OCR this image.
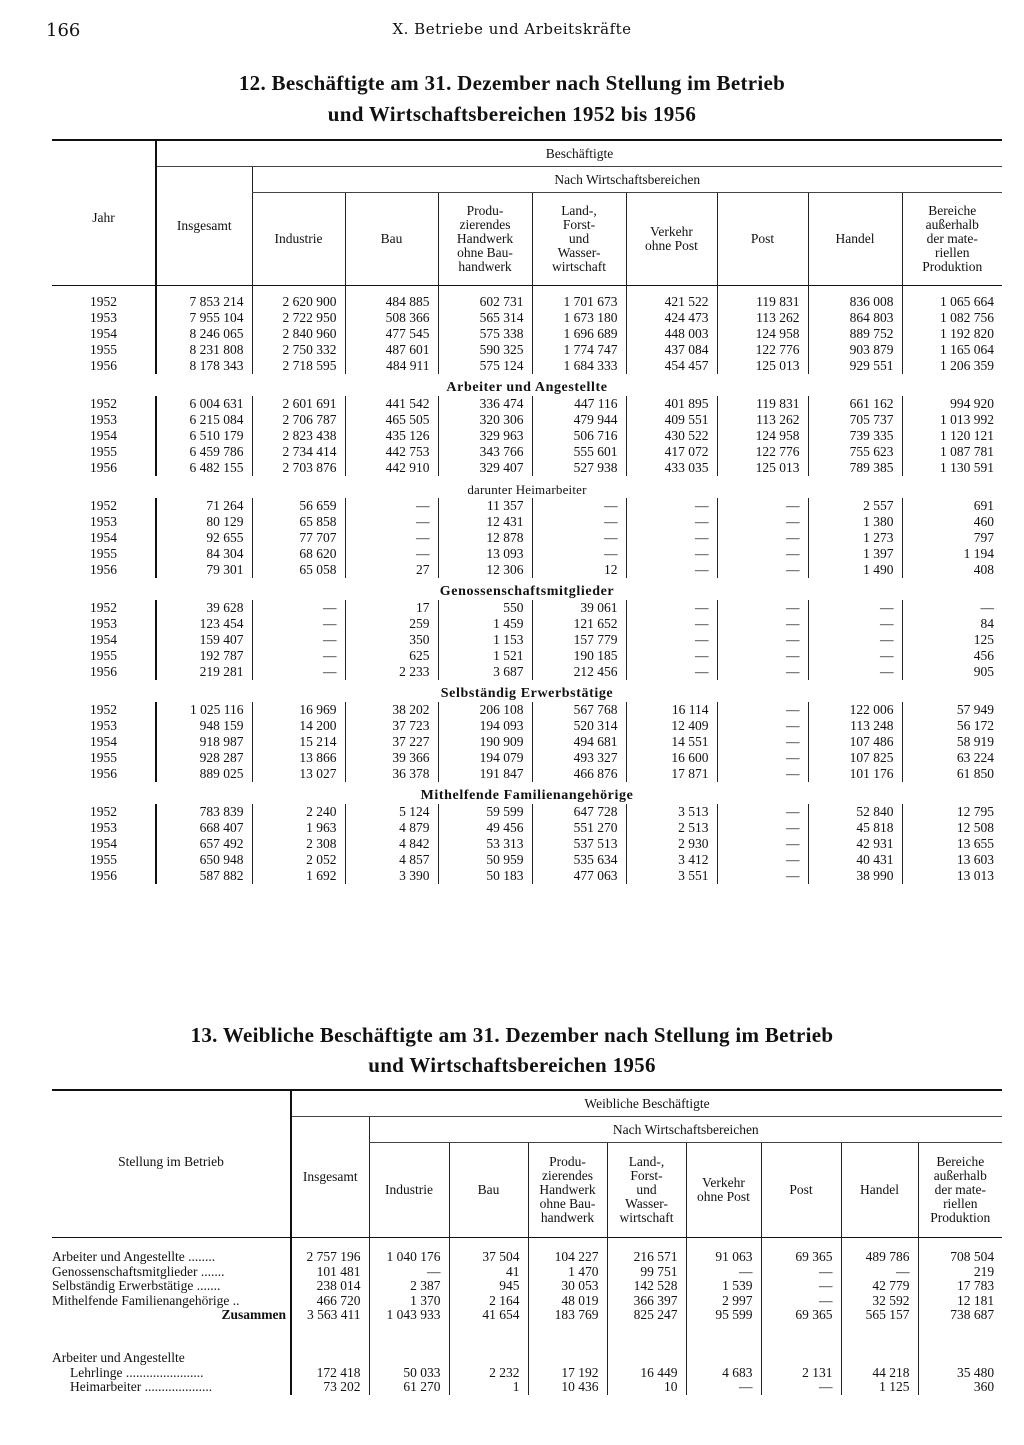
166	X. Betriebe und Arbeitskräfte
12. Beschäftigte am 31. Dezember nach Stellung im Betrieb
und Wirtschaftsbereichen 1952 bis 1956
Jahr	Beschäftigte								
	Insgesamt	Nach Wirtschaftsbereichen							
		Industrie	Bau	Produ-
zierendes
Handwerk
ohne Bau-
handwerk	Land-,
Forst-
und
Wasser-
wirtschaft	Verkehr
ohne Post	Post	Handel	Bereiche
außerhalb
der mate-
riellen
Produktion

1952	7 853 214	2 620 900	484 885	602 731	1 701 673	421 522	119 831	836 008	1 065 664
1953	7 955 104	2 722 950	508 366	565 314	1 673 180	424 473	113 262	864 803	1 082 756
1954	8 246 065	2 840 960	477 545	575 338	1 696 689	448 003	124 958	889 752	1 192 820
1955	8 231 808	2 750 332	487 601	590 325	1 774 747	437 084	122 776	903 879	1 165 064
1956	8 178 343	2 718 595	484 911	575 124	1 684 333	454 457	125 013	929 551	1 206 359
Arbeiter und Angestellte									
1952	6 004 631	2 601 691	441 542	336 474	447 116	401 895	119 831	661 162	994 920
1953	6 215 084	2 706 787	465 505	320 306	479 944	409 551	113 262	705 737	1 013 992
1954	6 510 179	2 823 438	435 126	329 963	506 716	430 522	124 958	739 335	1 120 121
1955	6 459 786	2 734 414	442 753	343 766	555 601	417 072	122 776	755 623	1 087 781
1956	6 482 155	2 703 876	442 910	329 407	527 938	433 035	125 013	789 385	1 130 591
darunter Heimarbeiter									
1952	71 264	56 659	—	11 357	—	—	—	2 557	691
1953	80 129	65 858	—	12 431	—	—	—	1 380	460
1954	92 655	77 707	—	12 878	—	—	—	1 273	797
1955	84 304	68 620	—	13 093	—	—	—	1 397	1 194
1956	79 301	65 058	27	12 306	12	—	—	1 490	408
Genossenschaftsmitglieder									
1952	39 628	—	17	550	39 061	—	—	—	—
1953	123 454	—	259	1 459	121 652	—	—	—	84
1954	159 407	—	350	1 153	157 779	—	—	—	125
1955	192 787	—	625	1 521	190 185	—	—	—	456
1956	219 281	—	2 233	3 687	212 456	—	—	—	905
Selbständig Erwerbstätige									
1952	1 025 116	16 969	38 202	206 108	567 768	16 114	—	122 006	57 949
1953	948 159	14 200	37 723	194 093	520 314	12 409	—	113 248	56 172
1954	918 987	15 214	37 227	190 909	494 681	14 551	—	107 486	58 919
1955	928 287	13 866	39 366	194 079	493 327	16 600	—	107 825	63 224
1956	889 025	13 027	36 378	191 847	466 876	17 871	—	101 176	61 850
Mithelfende Familienangehörige									
1952	783 839	2 240	5 124	59 599	647 728	3 513	—	52 840	12 795
1953	668 407	1 963	4 879	49 456	551 270	2 513	—	45 818	12 508
1954	657 492	2 308	4 842	53 313	537 513	2 930	—	42 931	13 655
1955	650 948	2 052	4 857	50 959	535 634	3 412	—	40 431	13 603
1956	587 882	1 692	3 390	50 183	477 063	3 551	—	38 990	13 013
13. Weibliche Beschäftigte am 31. Dezember nach Stellung im Betrieb
und Wirtschaftsbereichen 1956
Stellung im Betrieb	Weibliche Beschäftigte								
	Insgesamt	Nach Wirtschaftsbereichen							
		Industrie	Bau	Produ-
zierendes
Handwerk
ohne Bau-
handwerk	Land-,
Forst-
und
Wasser-
wirtschaft	Verkehr
ohne Post	Post	Handel	Bereiche
außerhalb
der mate-
riellen
Produktion

Arbeiter und Angestellte ........	2 757 196	1 040 176	37 504	104 227	216 571	91 063	69 365	489 786	708 504
Genossenschaftsmitglieder .......	101 481	—	41	1 470	99 751	—	—	—	219
Selbständig Erwerbstätige .......	238 014	2 387	945	30 053	142 528	1 539	—	42 779	17 783
Mithelfende Familienangehörige ..	466 720	1 370	2 164	48 019	366 397	2 997	—	32 592	12 181
Zusammen	3 563 411	1 043 933	41 654	183 769	825 247	95 599	69 365	565 157	738 687

Arbeiter und Angestellte									
Lehrlinge .......................	172 418	50 033	2 232	17 192	16 449	4 683	2 131	44 218	35 480
Heimarbeiter ....................	73 202	61 270	1	10 436	10	—	—	1 125	360
